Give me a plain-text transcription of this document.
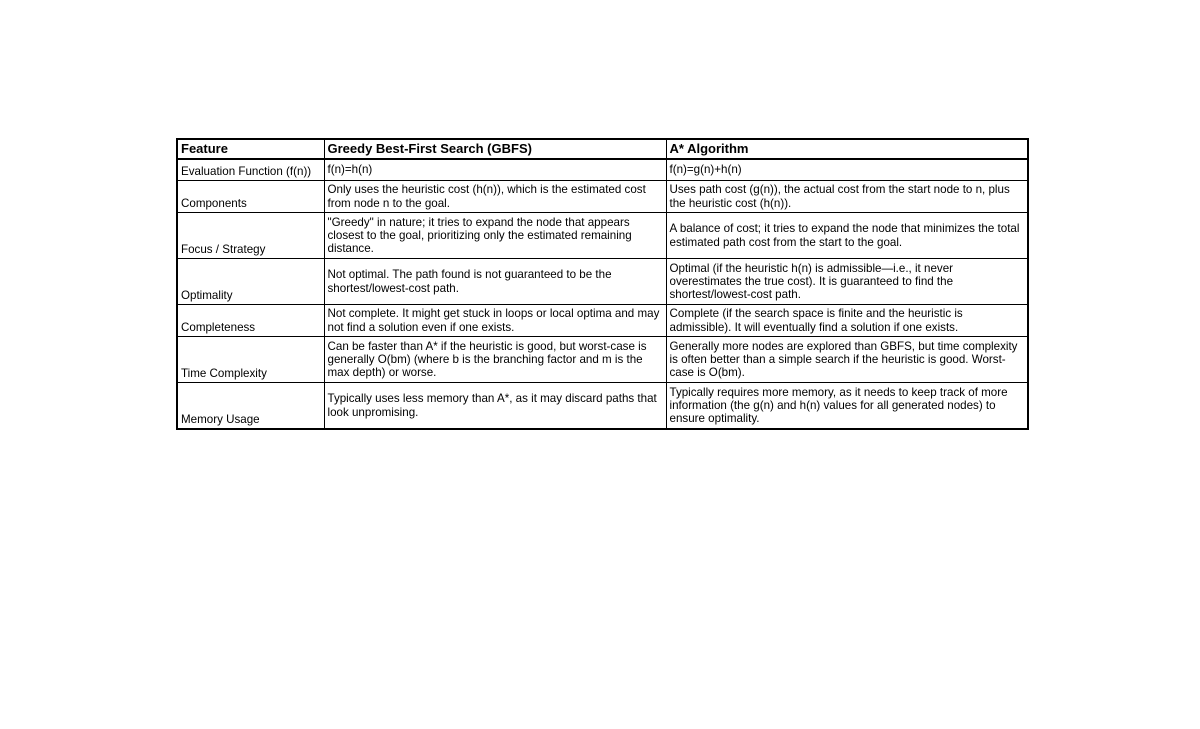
Feature	Greedy Best-First Search (GBFS)	A* Algorithm
Evaluation Function (f(n))	f(n)=h(n)	f(n)=g(n)+h(n)
Components	Only uses the heuristic cost (h(n)), which is the estimated cost from node n to the goal.	Uses path cost (g(n)), the actual cost from the start node to n, plus the heuristic cost (h(n)).
Focus / Strategy	"Greedy" in nature; it tries to expand the node that appears closest to the goal, prioritizing only the estimated remaining distance.	A balance of cost; it tries to expand the node that minimizes the total estimated path cost from the start to the goal.
Optimality	Not optimal. The path found is not guaranteed to be the shortest/lowest-cost path.	Optimal (if the heuristic h(n) is admissible—i.e., it never overestimates the true cost). It is guaranteed to find the shortest/lowest-cost path.
Completeness	Not complete. It might get stuck in loops or local optima and may not find a solution even if one exists.	Complete (if the search space is finite and the heuristic is admissible). It will eventually find a solution if one exists.
Time Complexity	Can be faster than A* if the heuristic is good, but worst-case is generally O(bm) (where b is the branching factor and m is the max depth) or worse.	Generally more nodes are explored than GBFS, but time complexity is often better than a simple search if the heuristic is good. Worst-case is O(bm).
Memory Usage	Typically uses less memory than A*, as it may discard paths that look unpromising.	Typically requires more memory, as it needs to keep track of more information (the g(n) and h(n) values for all generated nodes) to ensure optimality.
